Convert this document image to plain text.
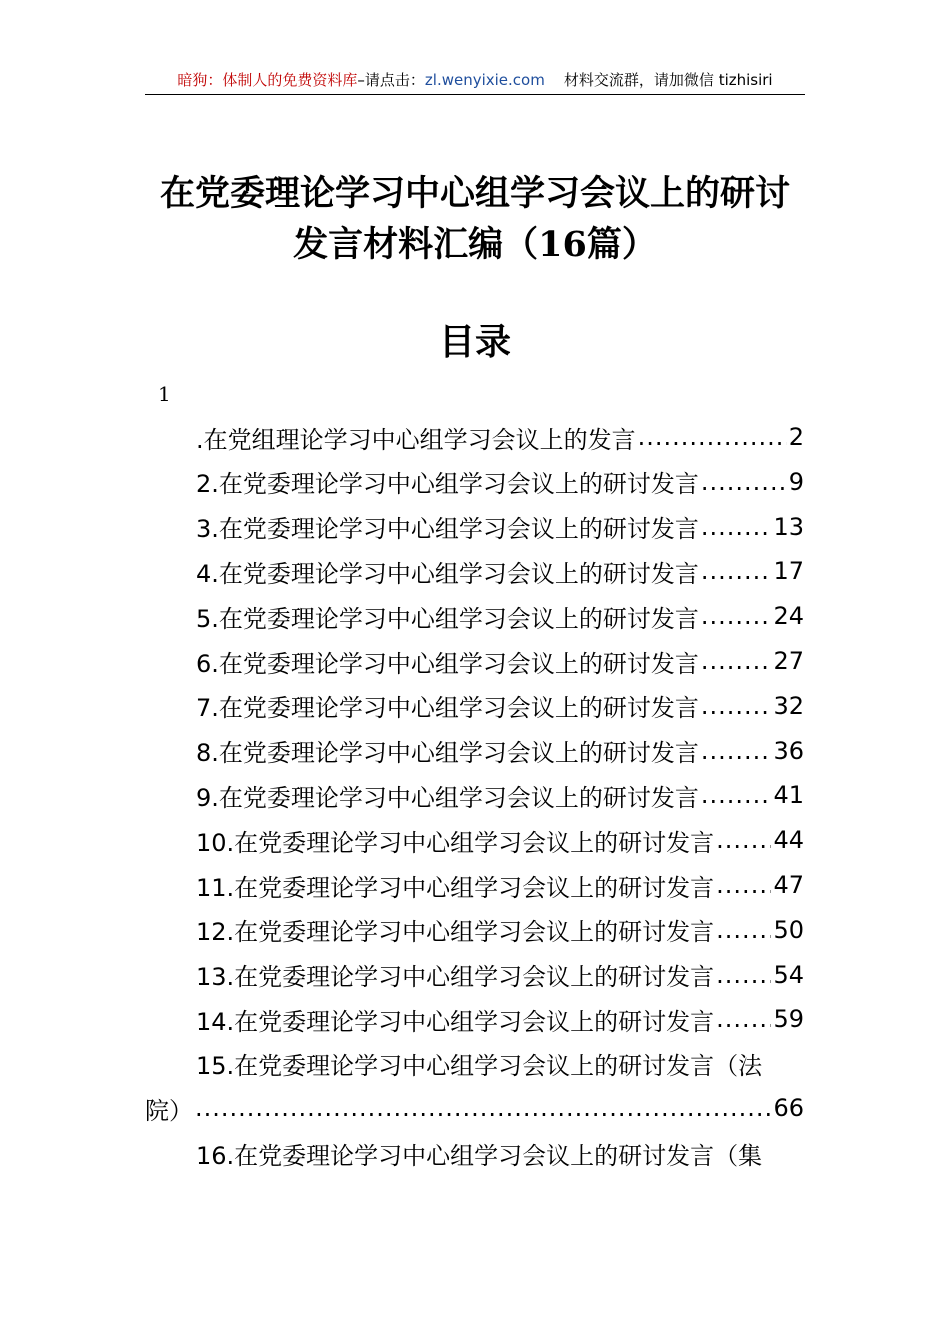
暗狗：体制人的免费资料库–请点击：zl.wenyixie.com 材料交流群，请加微信 tizhisiri
在党委理论学习中心组学习会议上的研讨
发言材料汇编（16篇）
目录
1
.在党组理论学习中心组学习会议上的发言 .....	2
2.在党委理论学习中心组学习会议上的研讨发言 .....	9
3.在党委理论学习中心组学习会议上的研讨发言 .....	13
4.在党委理论学习中心组学习会议上的研讨发言 .....	17
5.在党委理论学习中心组学习会议上的研讨发言 .....	24
6.在党委理论学习中心组学习会议上的研讨发言 .....	27
7.在党委理论学习中心组学习会议上的研讨发言 .....	32
8.在党委理论学习中心组学习会议上的研讨发言 .....	36
9.在党委理论学习中心组学习会议上的研讨发言 .....	41
10.在党委理论学习中心组学习会议上的研讨发言 ..... 44
11.在党委理论学习中心组学习会议上的研讨发言 ..... 47
12.在党委理论学习中心组学习会议上的研讨发言 ..... 50
13.在党委理论学习中心组学习会议上的研讨发言 ..... 54
14.在党委理论学习中心组学习会议上的研讨发言 ..... 59
15.在党委理论学习中心组学习会议上的研讨发言（法
院） .....	66
16.在党委理论学习中心组学习会议上的研讨发言（集
